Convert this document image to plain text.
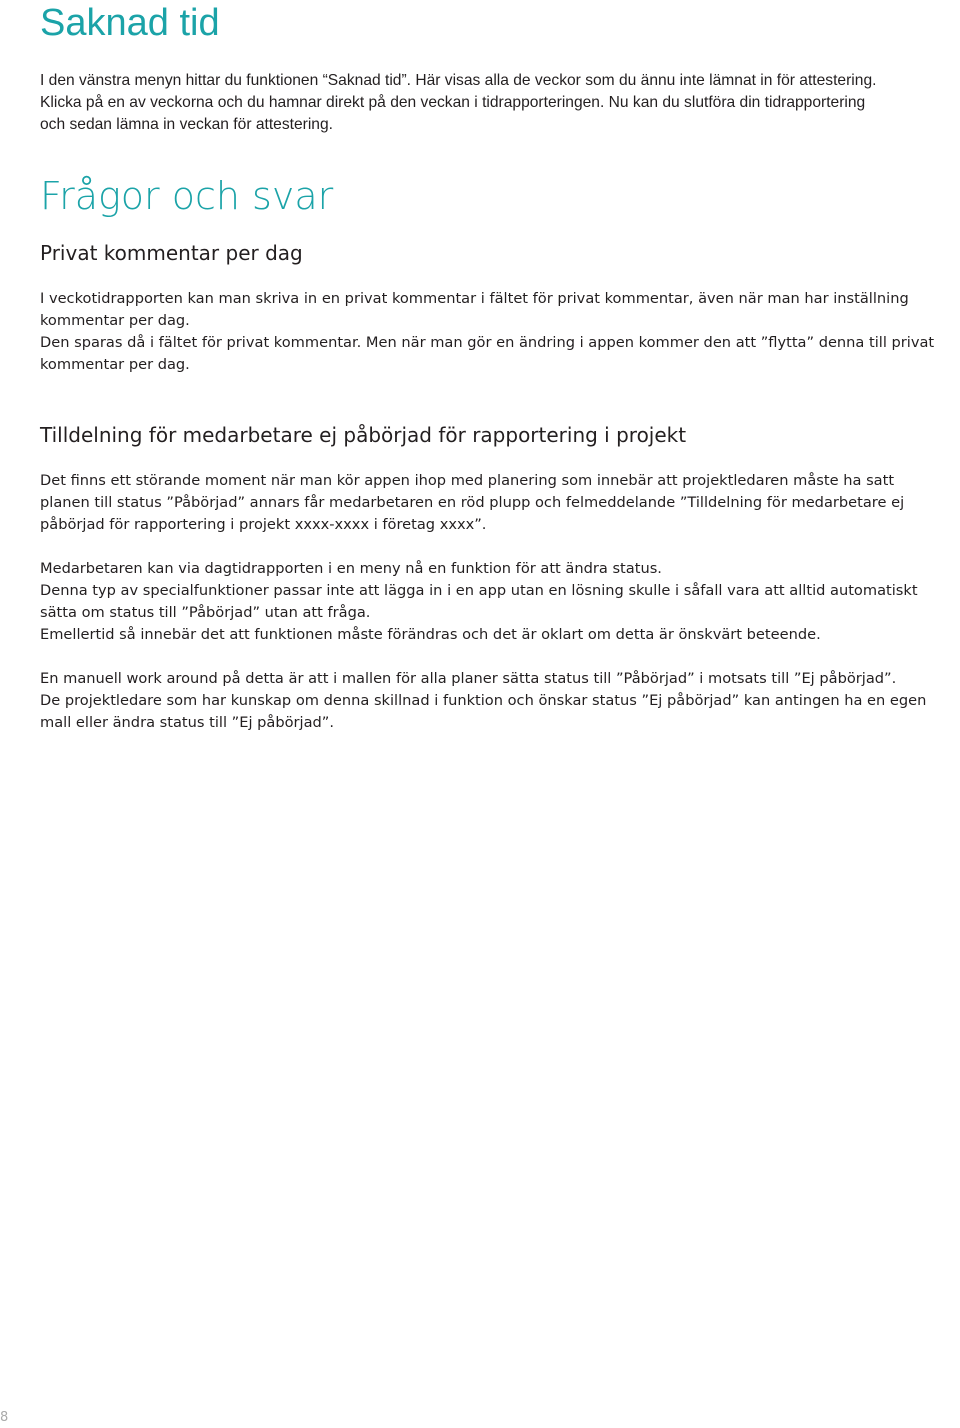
Saknad tid

I den vänstra menyn hittar du funktionen “Saknad tid”. Här visas alla de veckor som du ännu inte lämnat in för attestering.
Klicka på en av veckorna och du hamnar direkt på den veckan i tidrapporteringen. Nu kan du slutföra din tidrapportering
och sedan lämna in veckan för attestering.

Frågor och svar
Privat kommentar per dag

I veckotidrapporten kan man skriva in en privat kommentar i fältet för privat kommentar, även när man har inställning
kommentar per dag.

Den sparas då i fältet för privat kommentar. Men när man gör en ändring i appen kommer den att ”flytta” denna till privat
kommentar per dag.

Tilldelning för medarbetare ej påbörjad för rapportering i projekt

Det finns ett störande moment när man kör appen ihop med planering som innebär att projektledaren måste ha satt
planen till status ”Påbörjad” annars får medarbetaren en röd plupp och felmeddelande ”Tilldelning för medarbetare ej
påbörjad för rapportering i projekt xxxx-xxxx i företag xxxx”.

Medarbetaren kan via dagtidrapporten i en meny nå en funktion för att ändra status.
Denna typ av specialfunktioner passar inte att lägga in i en app utan en lösning skulle i såfall vara att alltid automatiskt
sätta om status till ”Påbörjad” utan att fråga.
Emellertid så innebär det att funktionen måste förändras och det är oklart om detta är önskvärt beteende.

En manuell work around på detta är att i mallen för alla planer sätta status till ”Påbörjad” i motsats till ”Ej påbörjad”.
De projektledare som har kunskap om denna skillnad i funktion och önskar status ”Ej påbörjad” kan antingen ha en egen
mall eller ändra status till ”Ej påbörjad”.

8
